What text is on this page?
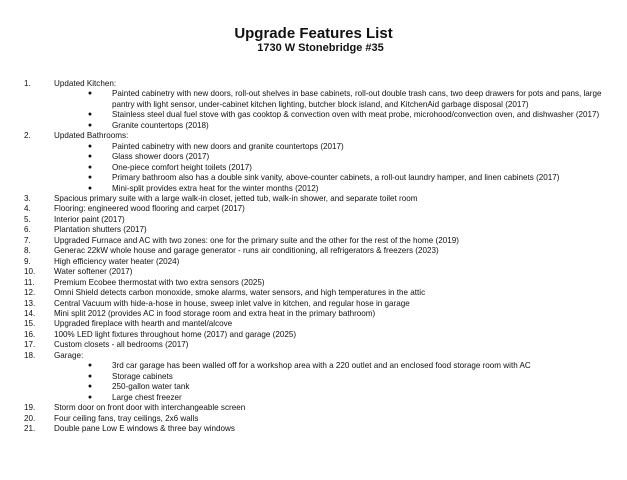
Upgrade Features List
1730 W Stonebridge #35
1.	Updated Kitchen:
●	Painted cabinetry with new doors, roll-out shelves in base cabinets, roll-out double trash cans, two deep drawers for pots and pans, large pantry with light sensor, under-cabinet kitchen lighting, butcher block island, and KitchenAid garbage disposal (2017)
●	Stainless steel dual fuel stove with gas cooktop & convection oven with meat probe, microhood/convection oven, and dishwasher (2017)
●	Granite countertops (2018)
2.	Updated Bathrooms:
●	Painted cabinetry with new doors and granite countertops (2017)
●	Glass shower doors (2017)
●	One-piece comfort height toilets (2017)
●	Primary bathroom also has a double sink vanity, above-counter cabinets, a roll-out laundry hamper, and linen cabinets (2017)
●	Mini-split provides extra heat for the winter months (2012)
3.	Spacious primary suite with a large walk-in closet, jetted tub, walk-in shower, and separate toilet room
4.	Flooring: engineered wood flooring and carpet (2017)
5.	Interior paint (2017)
6.	Plantation shutters (2017)
7.	Upgraded Furnace and AC with two zones: one for the primary suite and the other for the rest of the home (2019)
8.	Generac 22kW whole house and garage generator - runs air conditioning, all refrigerators & freezers (2023)
9.	High efficiency water heater (2024)
10.	Water softener (2017)
11.	Premium Ecobee thermostat with two extra sensors (2025)
12.	Omni Shield detects carbon monoxide, smoke alarms, water sensors, and high temperatures in the attic
13.	Central Vacuum with hide-a-hose in house, sweep inlet valve in kitchen, and regular hose in garage
14.	Mini split 2012 (provides AC in food storage room and extra heat in the primary bathroom)
15.	Upgraded fireplace with hearth and mantel/alcove
16.	100% LED light fixtures throughout home (2017) and garage (2025)
17.	Custom closets - all bedrooms (2017)
18.	Garage:
●	3rd car garage has been walled off for a workshop area with a 220 outlet and an enclosed food storage room with AC
●	Storage cabinets
●	250-gallon water tank
●	Large chest freezer
19.	Storm door on front door with interchangeable screen
20.	Four ceiling fans, tray ceilings, 2x6 walls
21.	Double pane Low E windows & three bay windows
